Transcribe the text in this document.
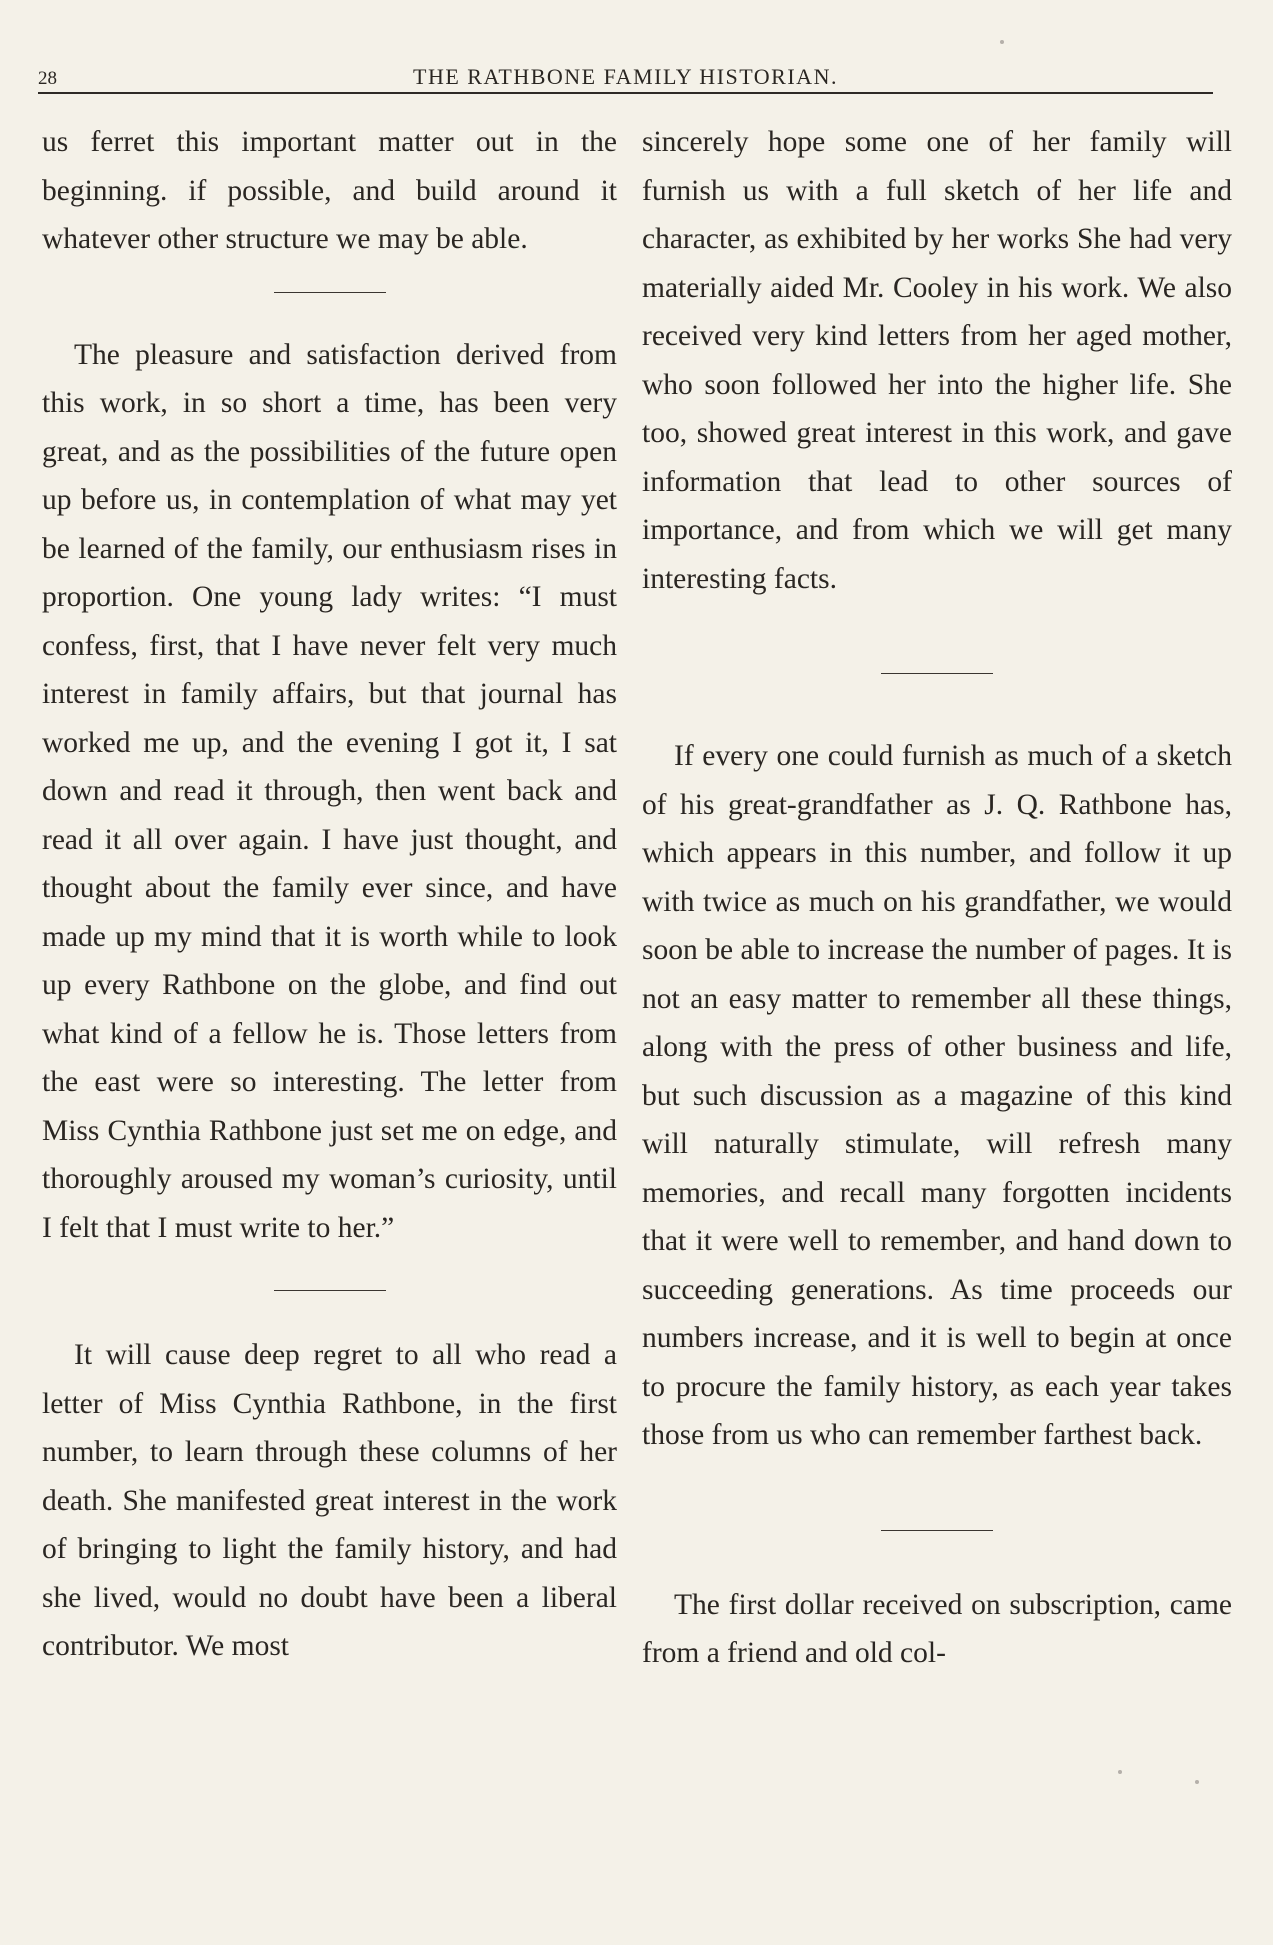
28	THE RATHBONE FAMILY HISTORIAN.

us ferret this important matter out in the beginning. if possible, and build around it whatever other structure we may be able.

The pleasure and satisfaction derived from this work, in so short a time, has been very great, and as the possibilities of the future open up before us, in contemplation of what may yet be learned of the family, our enthusiasm rises in proportion. One young lady writes: “I must confess, first, that I have never felt very much interest in family affairs, but that journal has worked me up, and the evening I got it, I sat down and read it through, then went back and read it all over again. I have just thought, and thought about the family ever since, and have made up my mind that it is worth while to look up every Rathbone on the globe, and find out what kind of a fellow he is. Those letters from the east were so interesting. The letter from Miss Cynthia Rathbone just set me on edge, and thoroughly aroused my woman’s curiosity, until I felt that I must write to her.”

It will cause deep regret to all who read a letter of Miss Cynthia Rathbone, in the first number, to learn through these columns of her death. She manifested great interest in the work of bringing to light the family history, and had she lived, would no doubt have been a liberal contributor. We most

sincerely hope some one of her family will furnish us with a full sketch of her life and character, as exhibited by her works She had very materially aided Mr. Cooley in his work. We also received very kind letters from her aged mother, who soon followed her into the higher life. She too, showed great interest in this work, and gave information that lead to other sources of importance, and from which we will get many interesting facts.

If every one could furnish as much of a sketch of his great-grandfather as J. Q. Rathbone has, which appears in this number, and follow it up with twice as much on his grandfather, we would soon be able to increase the number of pages. It is not an easy matter to remember all these things, along with the press of other business and life, but such discussion as a magazine of this kind will naturally stimulate, will refresh many memories, and recall many forgotten incidents that it were well to remember, and hand down to succeeding generations. As time proceeds our numbers increase, and it is well to begin at once to procure the family history, as each year takes those from us who can remember farthest back.

The first dollar received on subscription, came from a friend and old col-
